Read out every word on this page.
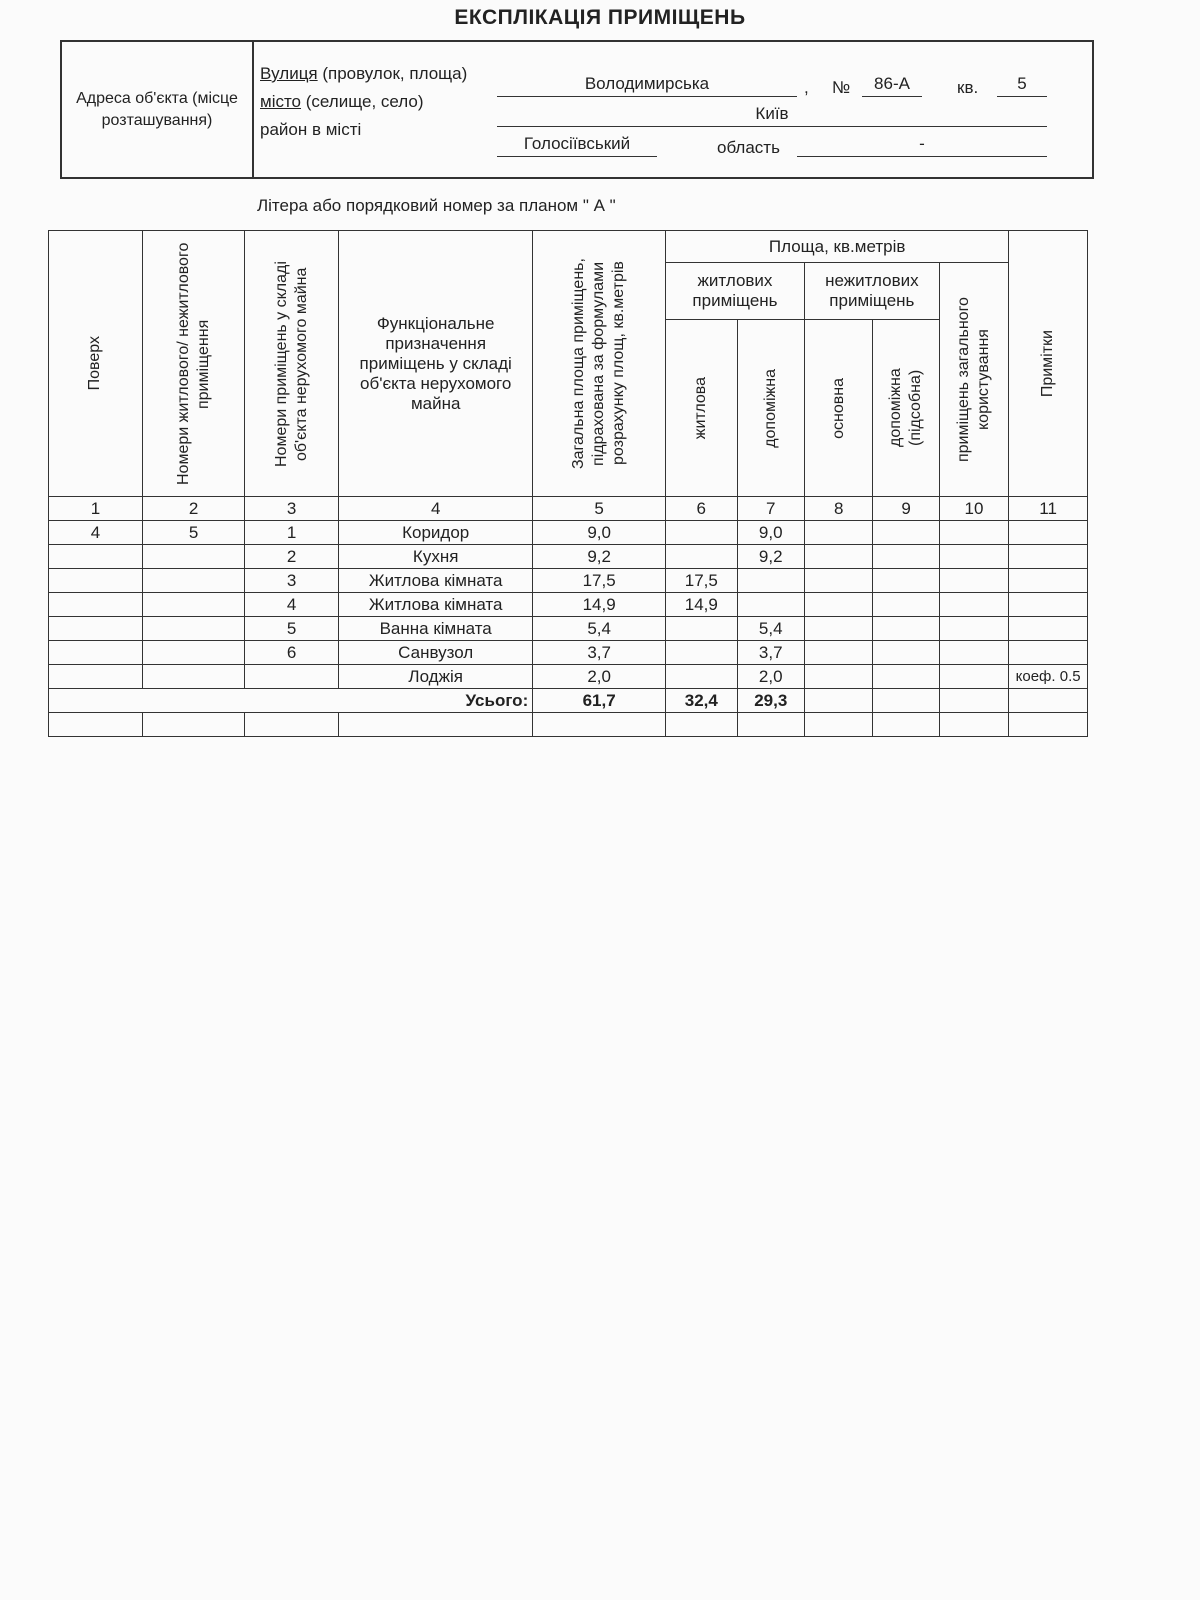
ЕКСПЛІКАЦІЯ ПРИМІЩЕНЬ
Адреса об'єкта (місце розташування)
Вулиця (провулок, площа)
місто (селище, село)
район в місті
Володимирська	, №	86-А	кв.	5
Київ
Голосіївський	область	-
Літера або порядковий номер за планом " А "
Поверх	Номери житлового/ нежитлового приміщення	Номери приміщень у складі об'єкта нерухомого майна	Функціональне призначення приміщень у складі об'єкта нерухомого майна	Загальна площа приміщень, підрахована за формулами розрахунку площ, кв.метрів	Площа, кв.метрів					Примітки

					житлових приміщень		нежитлових приміщень		приміщень загального користування	

					житлова	допоміжна	основна	допоміжна (підсобна)		

1	2	3	4	5	6	7	8	9	10	11
4	5	1	Коридор	9,0		9,0				
		2	Кухня	9,2		9,2				
		3	Житлова кімната	17,5	17,5					
		4	Житлова кімната	14,9	14,9					
		5	Ванна кімната	5,4		5,4				
		6	Санвузол	3,7		3,7				
			Лоджія	2,0		2,0				коеф. 0.5
Усього:				61,7	32,4	29,3				
